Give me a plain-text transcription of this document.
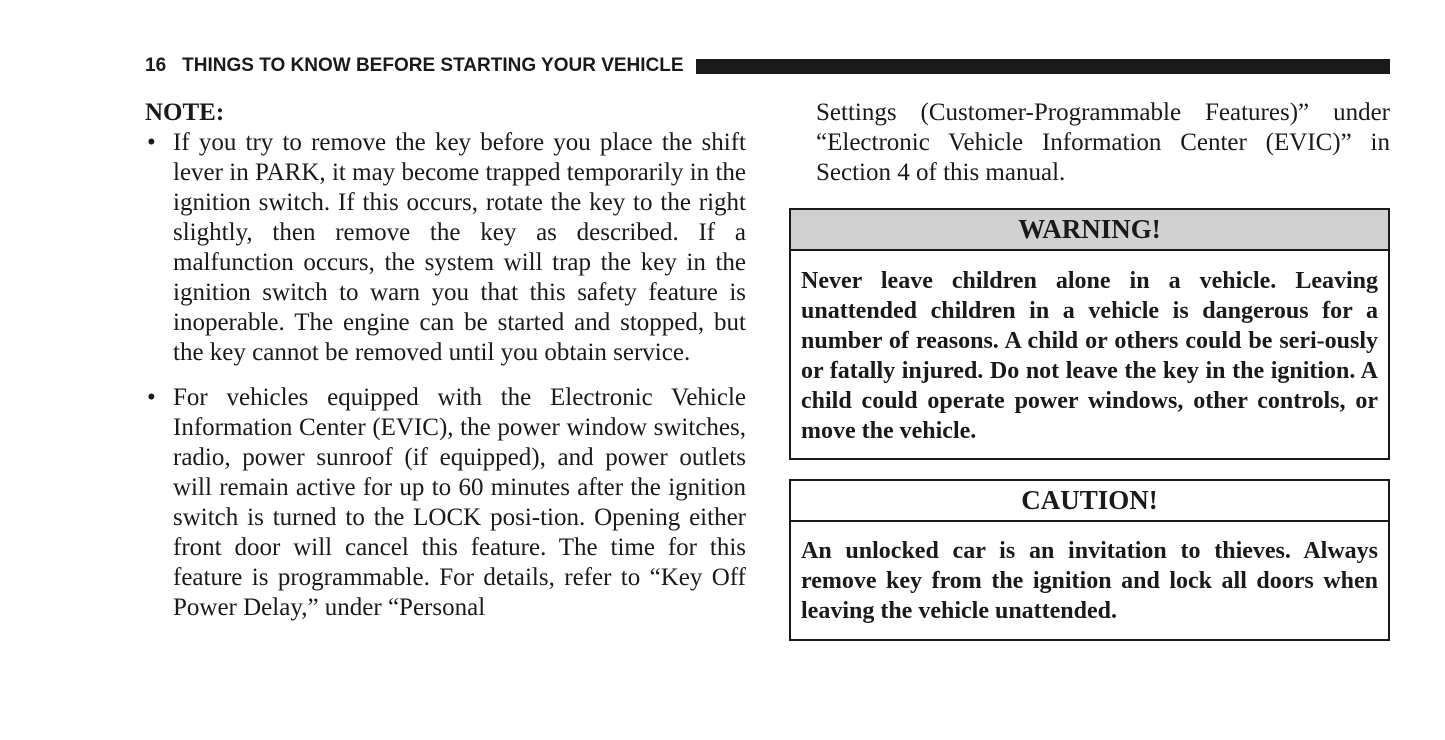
16 THINGS TO KNOW BEFORE STARTING YOUR VEHICLE

NOTE:

• If you try to remove the key before you place the shift lever in PARK, it may become trapped temporarily in the ignition switch. If this occurs, rotate the key to the right slightly, then remove the key as described. If a malfunction occurs, the system will trap the key in the ignition switch to warn you that this safety feature is inoperable. The engine can be started and stopped, but the key cannot be removed until you obtain service.

• For vehicles equipped with the Electronic Vehicle Information Center (EVIC), the power window switches, radio, power sunroof (if equipped), and power outlets will remain active for up to 60 minutes after the ignition switch is turned to the LOCK posi-tion. Opening either front door will cancel this feature. The time for this feature is programmable. For details, refer to “Key Off Power Delay,” under “Personal

Settings (Customer-Programmable Features)” under “Electronic Vehicle Information Center (EVIC)” in Section 4 of this manual.

WARNING!
Never leave children alone in a vehicle. Leaving unattended children in a vehicle is dangerous for a number of reasons. A child or others could be seri-ously or fatally injured. Do not leave the key in the ignition. A child could operate power windows, other controls, or move the vehicle.
CAUTION!
An unlocked car is an invitation to thieves. Always remove key from the ignition and lock all doors when leaving the vehicle unattended.
